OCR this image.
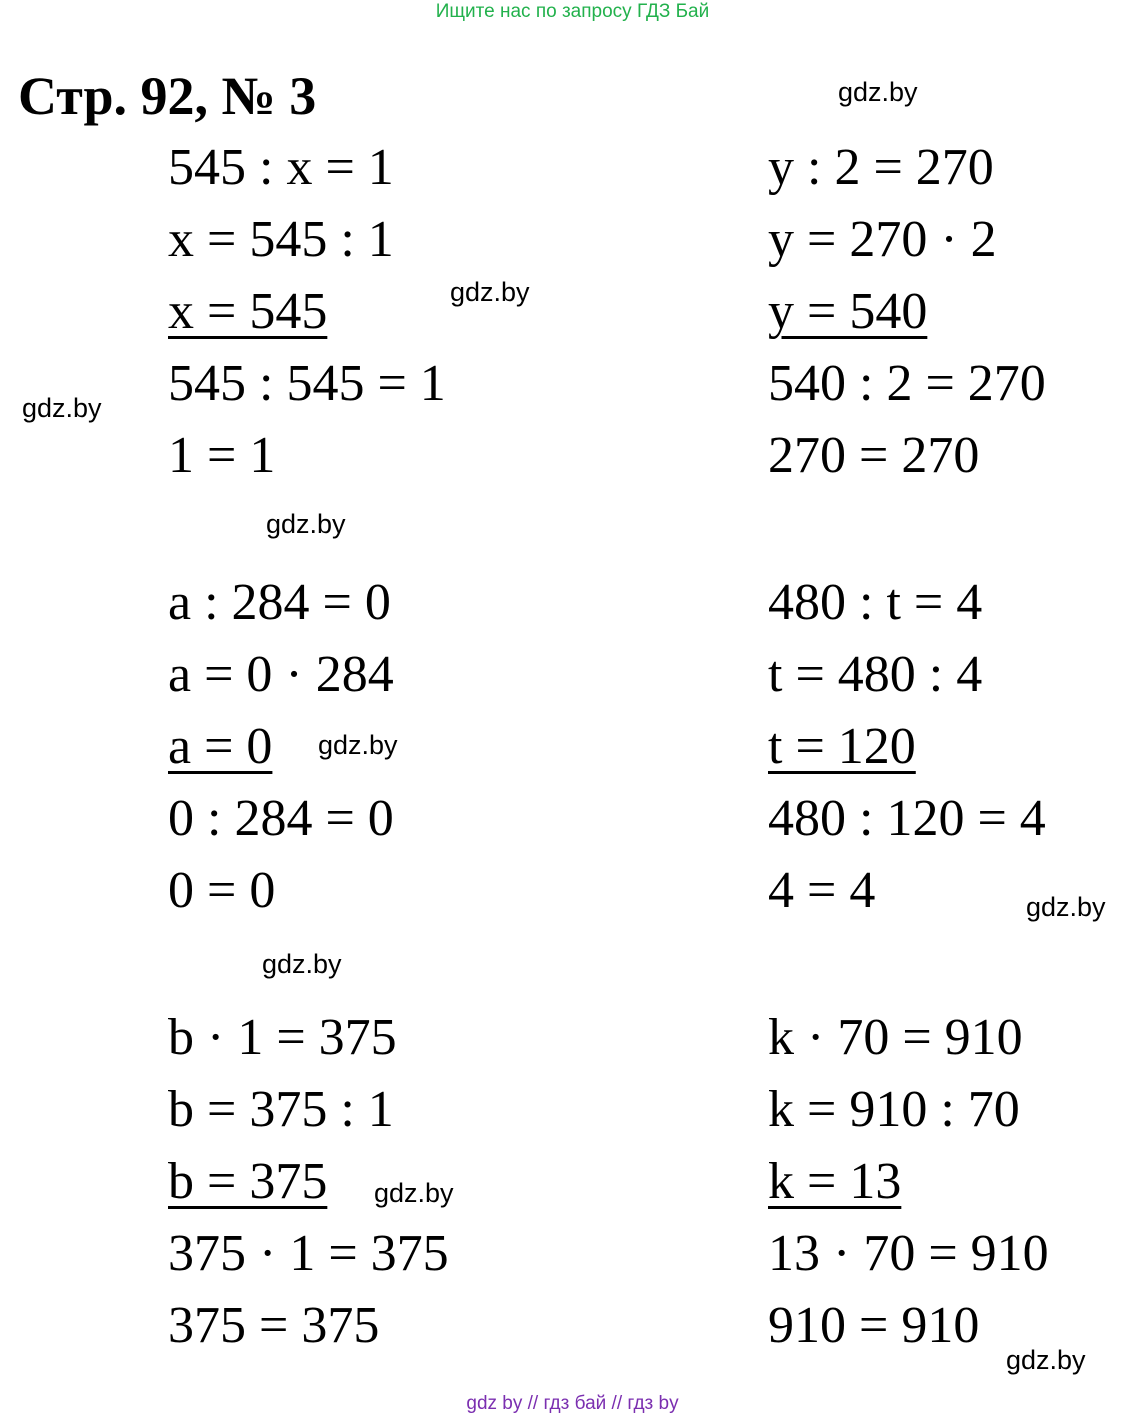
Ищите нас по запросу ГДЗ Бай
Стр. 92, № 3
545 : x = 1
x = 545 : 1
x = 545
545 : 545 = 1
1 = 1
y : 2 = 270
y = 270 · 2
y = 540
540 : 2 = 270
270 = 270
a : 284 = 0
a = 0 · 284
a = 0
0 : 284 = 0
0 = 0
480 : t = 4
t = 480 : 4
t = 120
480 : 120 = 4
4 = 4
b · 1 = 375
b = 375 : 1
b = 375
375 · 1 = 375
375 = 375
k · 70 = 910
k = 910 : 70
k = 13
13 · 70 = 910
910 = 910
gdz.by
gdz.by
gdz.by
gdz.by
gdz.by
gdz.by
gdz.by
gdz.by
gdz.by
gdz by // гдз бай // гдз by
